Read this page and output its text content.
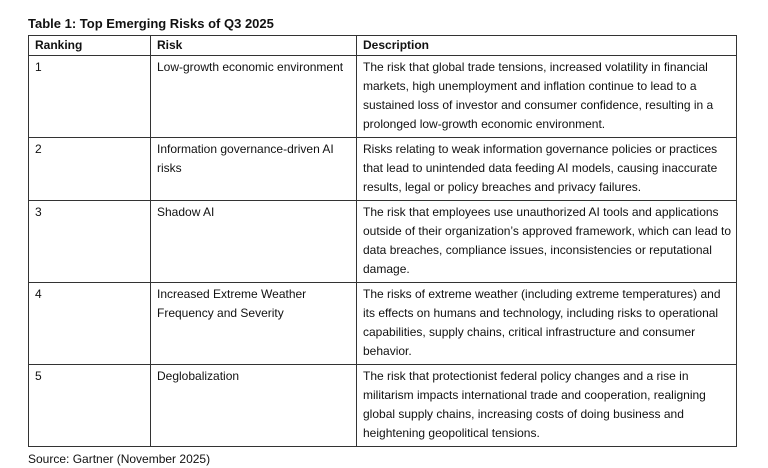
Table 1: Top Emerging Risks of Q3 2025
Ranking	Risk	Description
1	Low-growth economic environment	The risk that global trade tensions, increased volatility in financial markets, high unemployment and inflation continue to lead to a sustained loss of investor and consumer confidence, resulting in a prolonged low-growth economic environment.
2	Information governance-driven AI risks	Risks relating to weak information governance policies or practices that lead to unintended data feeding AI models, causing inaccurate results, legal or policy breaches and privacy failures.
3	Shadow AI	The risk that employees use unauthorized AI tools and applications outside of their organization’s approved framework, which can lead to data breaches, compliance issues, inconsistencies or reputational damage.
4	Increased Extreme Weather Frequency and Severity	The risks of extreme weather (including extreme temperatures) and its effects on humans and technology, including risks to operational capabilities, supply chains, critical infrastructure and consumer behavior.
5	Deglobalization	The risk that protectionist federal policy changes and a rise in militarism impacts international trade and cooperation, realigning global supply chains, increasing costs of doing business and heightening geopolitical tensions.
Source: Gartner (November 2025)
